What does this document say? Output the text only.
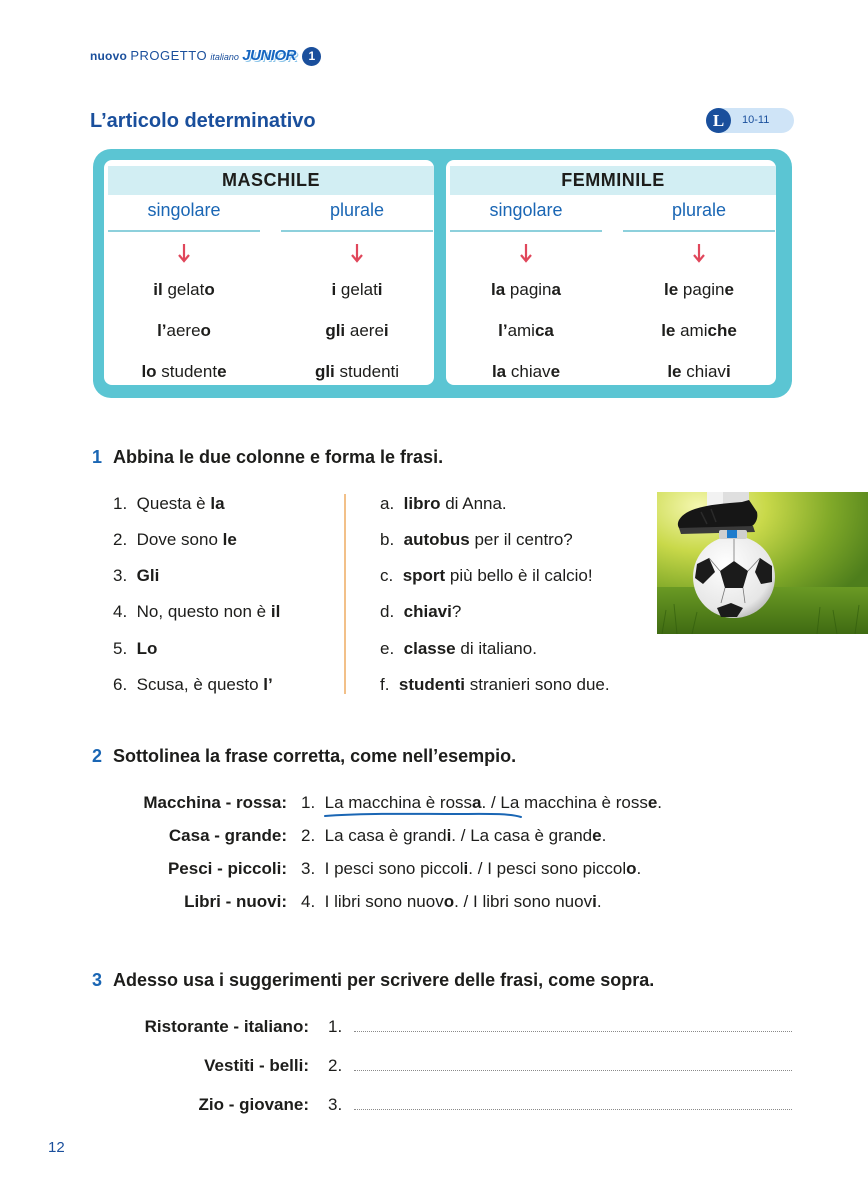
nuovo PROGETTO italiano JUNIOR 1
L’articolo determinativo	L	10-11
MASCHILE
singolare
il gelato
l’aereo
lo studente
plurale
i gelati
gli aerei
gli studenti
FEMMINILE
singolare
la pagina
l’amica
la chiave
plurale
le pagine
le amiche
le chiavi
1 Abbina le due colonne e forma le frasi.
1. Questa è la
2. Dove sono le
3. Gli
4. No, questo non è il
5. Lo
6. Scusa, è questo l’
a. libro di Anna.
b. autobus per il centro?
c. sport più bello è il calcio!
d. chiavi?
e. classe di italiano.
f. studenti stranieri sono due.
2 Sottolinea la frase corretta, come nell’esempio.
Macchina - rossa:
Casa - grande:
Pesci - piccoli:
Libri - nuovi:
1. La macchina è rossa.
/ La macchina è rosse.
2. La casa è grandi. / La casa è grande.
3. I pesci sono piccoli. / I pesci sono piccolo.
4. I libri sono nuovo. / I libri sono nuovi.
3 Adesso usa i suggerimenti per scrivere delle frasi, come sopra.
Ristorante - italiano: 1.
Vestiti - belli: 2.
Zio - giovane: 3.
12
